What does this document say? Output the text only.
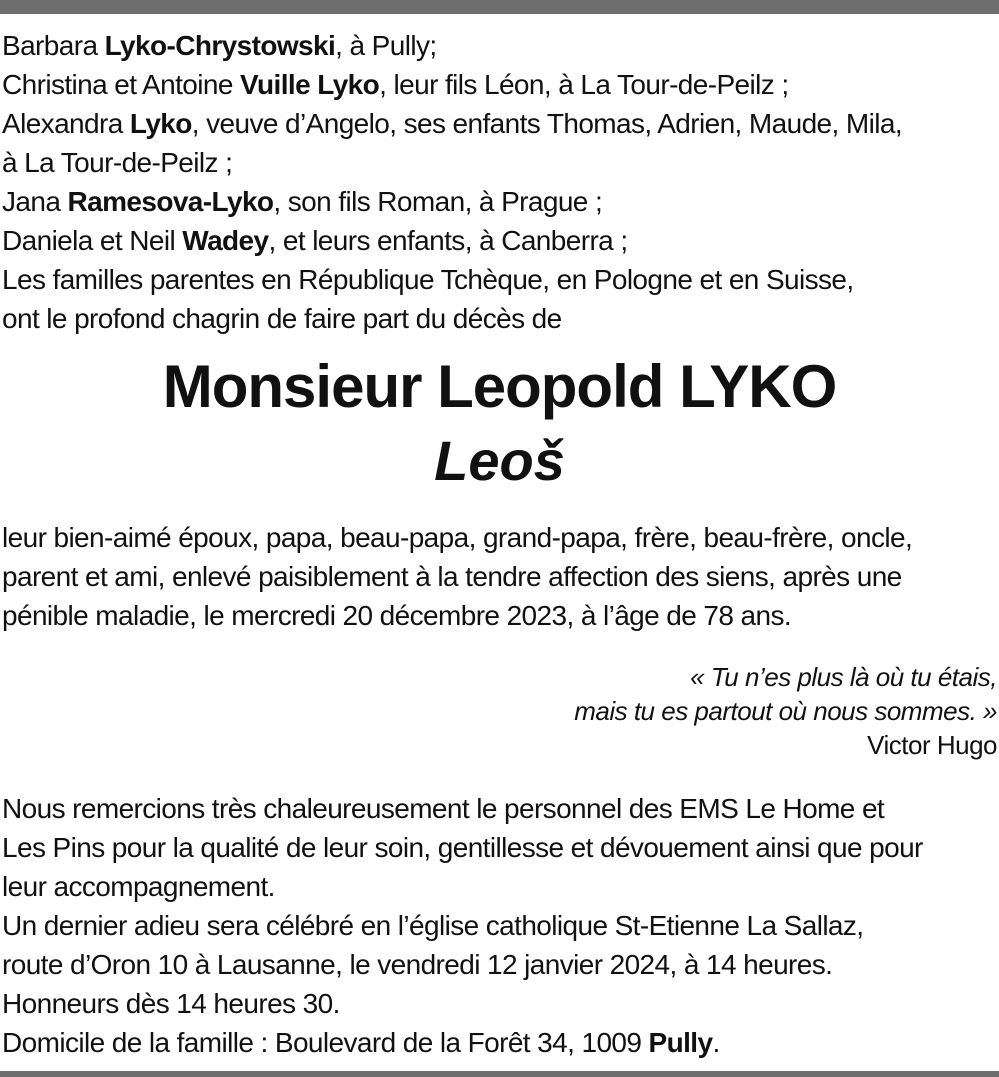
Barbara Lyko-Chrystowski, à Pully;
Christina et Antoine Vuille Lyko, leur fils Léon, à La Tour-de-Peilz ;
Alexandra Lyko, veuve d’Angelo, ses enfants Thomas, Adrien, Maude, Mila,
à La Tour-de-Peilz ;
Jana Ramesova-Lyko, son fils Roman, à Prague ;
Daniela et Neil Wadey, et leurs enfants, à Canberra ;
Les familles parentes en République Tchèque, en Pologne et en Suisse,
ont le profond chagrin de faire part du décès de
Monsieur Leopold LYKO
Leoš
leur bien-aimé époux, papa, beau-papa, grand-papa, frère, beau-frère, oncle,
parent et ami, enlevé paisiblement à la tendre affection des siens, après une
pénible maladie, le mercredi 20 décembre 2023, à l’âge de 78 ans.
« Tu n’es plus là où tu étais,
mais tu es partout où nous sommes. »
Victor Hugo
Nous remercions très chaleureusement le personnel des EMS Le Home et
Les Pins pour la qualité de leur soin, gentillesse et dévouement ainsi que pour
leur accompagnement.
Un dernier adieu sera célébré en l’église catholique St-Etienne La Sallaz,
route d’Oron 10 à Lausanne, le vendredi 12 janvier 2024, à 14 heures.
Honneurs dès 14 heures 30.
Domicile de la famille : Boulevard de la Forêt 34, 1009 Pully.
